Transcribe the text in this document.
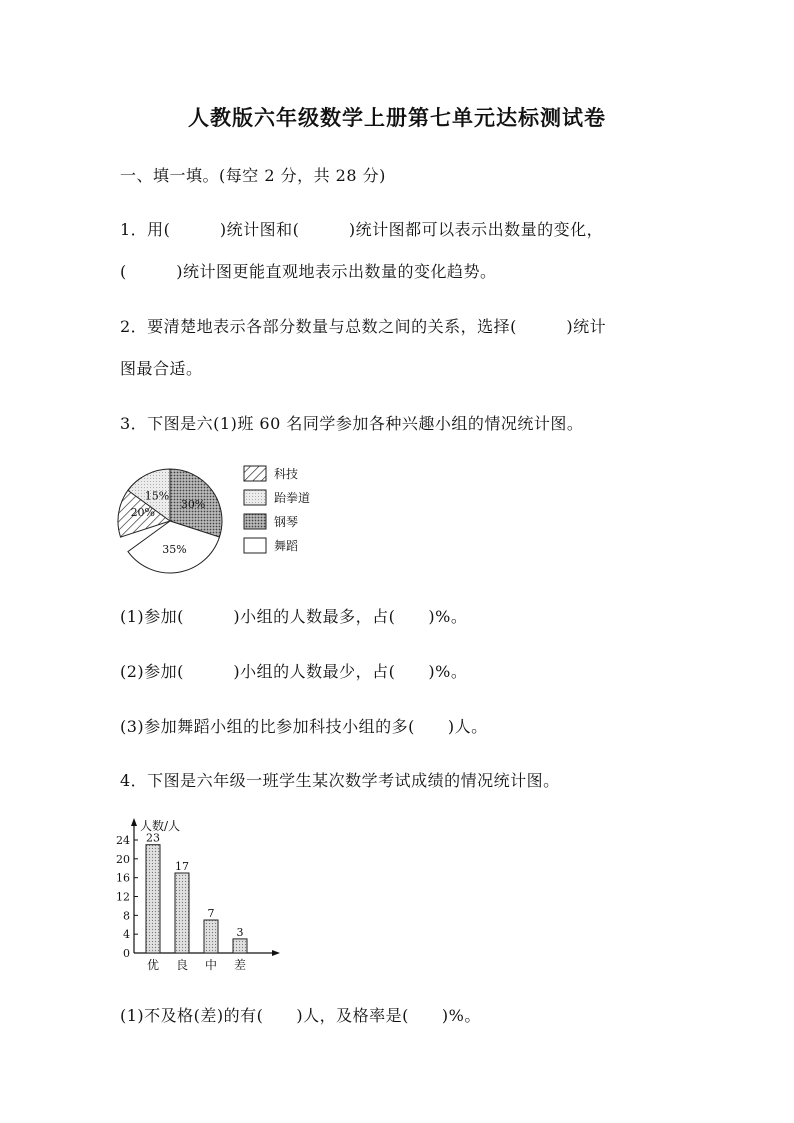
人教版六年级数学上册第七单元达标测试卷
一、填一填。(每空 2 分，共 28 分)
1．用(　　　)统计图和(　　　)统计图都可以表示出数量的变化，
(　　　)统计图更能直观地表示出数量的变化趋势。
2．要清楚地表示各部分数量与总数之间的关系，选择(　　　)统计
图最合适。
3．下图是六(1)班 60 名同学参加各种兴趣小组的情况统计图。
20%
15%
30%
35%
科技
跆拳道
钢琴
舞蹈
(1)参加(　　　)小组的人数最多，占(　　)%。
(2)参加(　　　)小组的人数最少，占(　　)%。
(3)参加舞蹈小组的比参加科技小组的多(　　)人。
4．下图是六年级一班学生某次数学考试成绩的情况统计图。
人数/人
0
4
8
12
16
20
24 23
优
17
良
7
中
3
差
(1)不及格(差)的有(　　)人，及格率是(　　)%。
